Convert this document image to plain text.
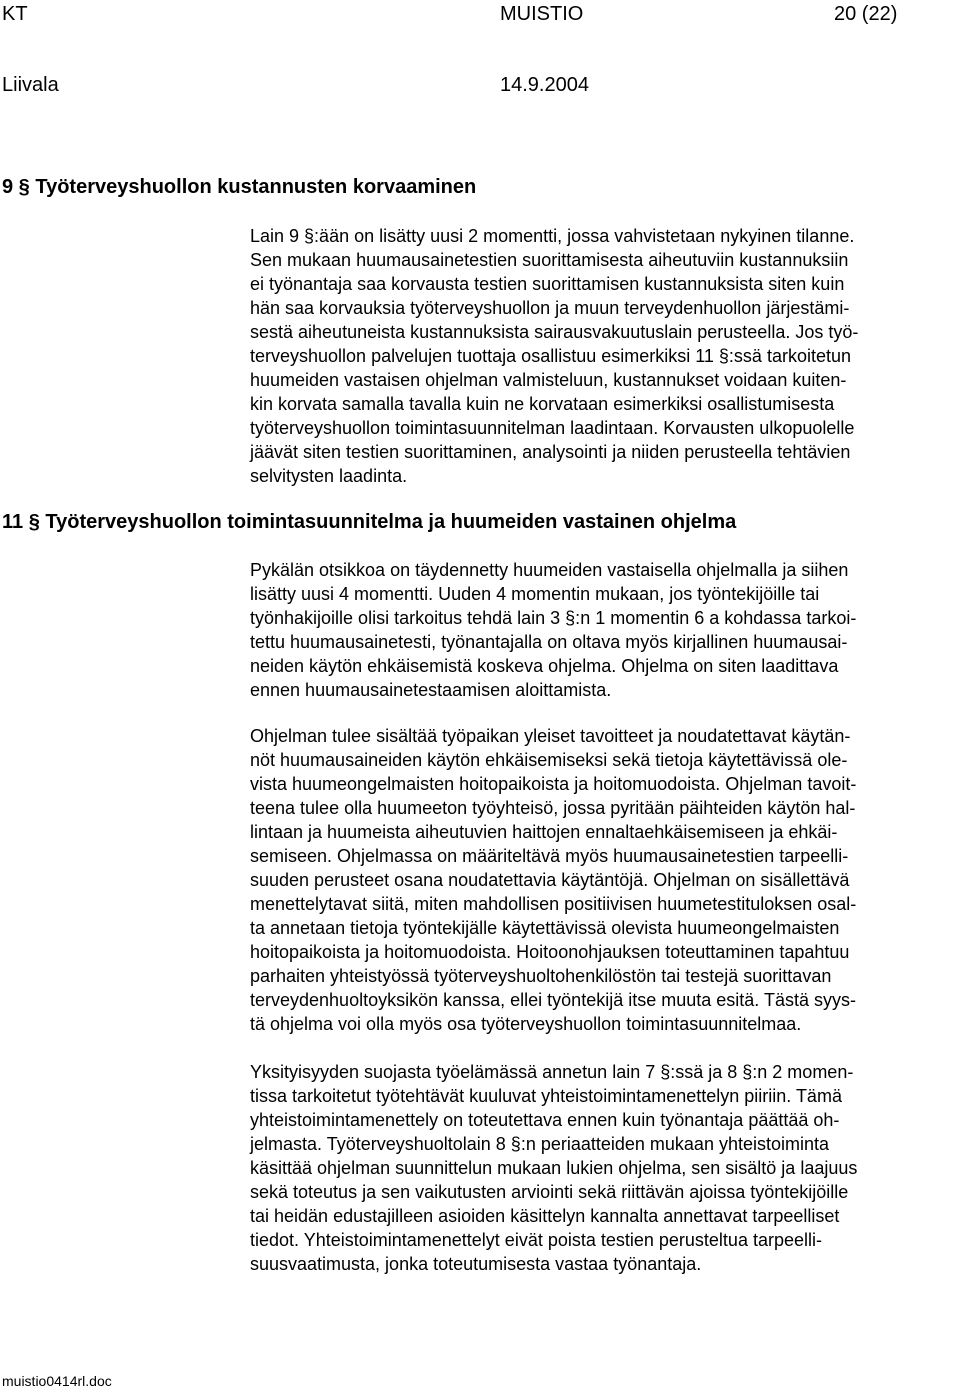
KT	MUISTIO	20 (22)
Liivala	14.9.2004
9 § Työterveyshuollon kustannusten korvaaminen
Lain 9 §:ään on lisätty uusi 2 momentti, jossa vahvistetaan nykyinen tilanne.
Sen mukaan huumausainetestien suorittamisesta aiheutuviin kustannuksiin
ei työnantaja saa korvausta testien suorittamisen kustannuksista siten kuin
hän saa korvauksia työterveyshuollon ja muun terveydenhuollon järjestämi-
sestä aiheutuneista kustannuksista sairausvakuutuslain perusteella. Jos työ-
terveyshuollon palvelujen tuottaja osallistuu esimerkiksi 11 §:ssä tarkoitetun
huumeiden vastaisen ohjelman valmisteluun, kustannukset voidaan kuiten-
kin korvata samalla tavalla kuin ne korvataan esimerkiksi osallistumisesta
työterveyshuollon toimintasuunnitelman laadintaan. Korvausten ulkopuolelle
jäävät siten testien suorittaminen, analysointi ja niiden perusteella tehtävien
selvitysten laadinta.
11 § Työterveyshuollon toimintasuunnitelma ja huumeiden vastainen ohjelma
Pykälän otsikkoa on täydennetty huumeiden vastaisella ohjelmalla ja siihen
lisätty uusi 4 momentti. Uuden 4 momentin mukaan, jos työntekijöille tai
työnhakijoille olisi tarkoitus tehdä lain 3 §:n 1 momentin 6 a kohdassa tarkoi-
tettu huumausainetesti, työnantajalla on oltava myös kirjallinen huumausai-
neiden käytön ehkäisemistä koskeva ohjelma. Ohjelma on siten laadittava
ennen huumausainetestaamisen aloittamista.
Ohjelman tulee sisältää työpaikan yleiset tavoitteet ja noudatettavat käytän-
nöt huumausaineiden käytön ehkäisemiseksi sekä tietoja käytettävissä ole-
vista huumeongelmaisten hoitopaikoista ja hoitomuodoista. Ohjelman tavoit-
teena tulee olla huumeeton työyhteisö, jossa pyritään päihteiden käytön hal-
lintaan ja huumeista aiheutuvien haittojen ennaltaehkäisemiseen ja ehkäi-
semiseen. Ohjelmassa on määriteltävä myös huumausainetestien tarpeelli-
suuden perusteet osana noudatettavia käytäntöjä. Ohjelman on sisällettävä
menettelytavat siitä, miten mahdollisen positiivisen huumetestituloksen osal-
ta annetaan tietoja työntekijälle käytettävissä olevista huumeongelmaisten
hoitopaikoista ja hoitomuodoista. Hoitoonohjauksen toteuttaminen tapahtuu
parhaiten yhteistyössä työterveyshuoltohenkilöstön tai testejä suorittavan
terveydenhuoltoyksikön kanssa, ellei työntekijä itse muuta esitä. Tästä syys-
tä ohjelma voi olla myös osa työterveyshuollon toimintasuunnitelmaa.
Yksityisyyden suojasta työelämässä annetun lain 7 §:ssä ja 8 §:n 2 momen-
tissa tarkoitetut työtehtävät kuuluvat yhteistoimintamenettelyn piiriin. Tämä
yhteistoimintamenettely on toteutettava ennen kuin työnantaja päättää oh-
jelmasta. Työterveyshuoltolain 8 §:n periaatteiden mukaan yhteistoiminta
käsittää ohjelman suunnittelun mukaan lukien ohjelma, sen sisältö ja laajuus
sekä toteutus ja sen vaikutusten arviointi sekä riittävän ajoissa työntekijöille
tai heidän edustajilleen asioiden käsittelyn kannalta annettavat tarpeelliset
tiedot. Yhteistoimintamenettelyt eivät poista testien perusteltua tarpeelli-
suusvaatimusta, jonka toteutumisesta vastaa työnantaja.
muistio0414rl.doc
